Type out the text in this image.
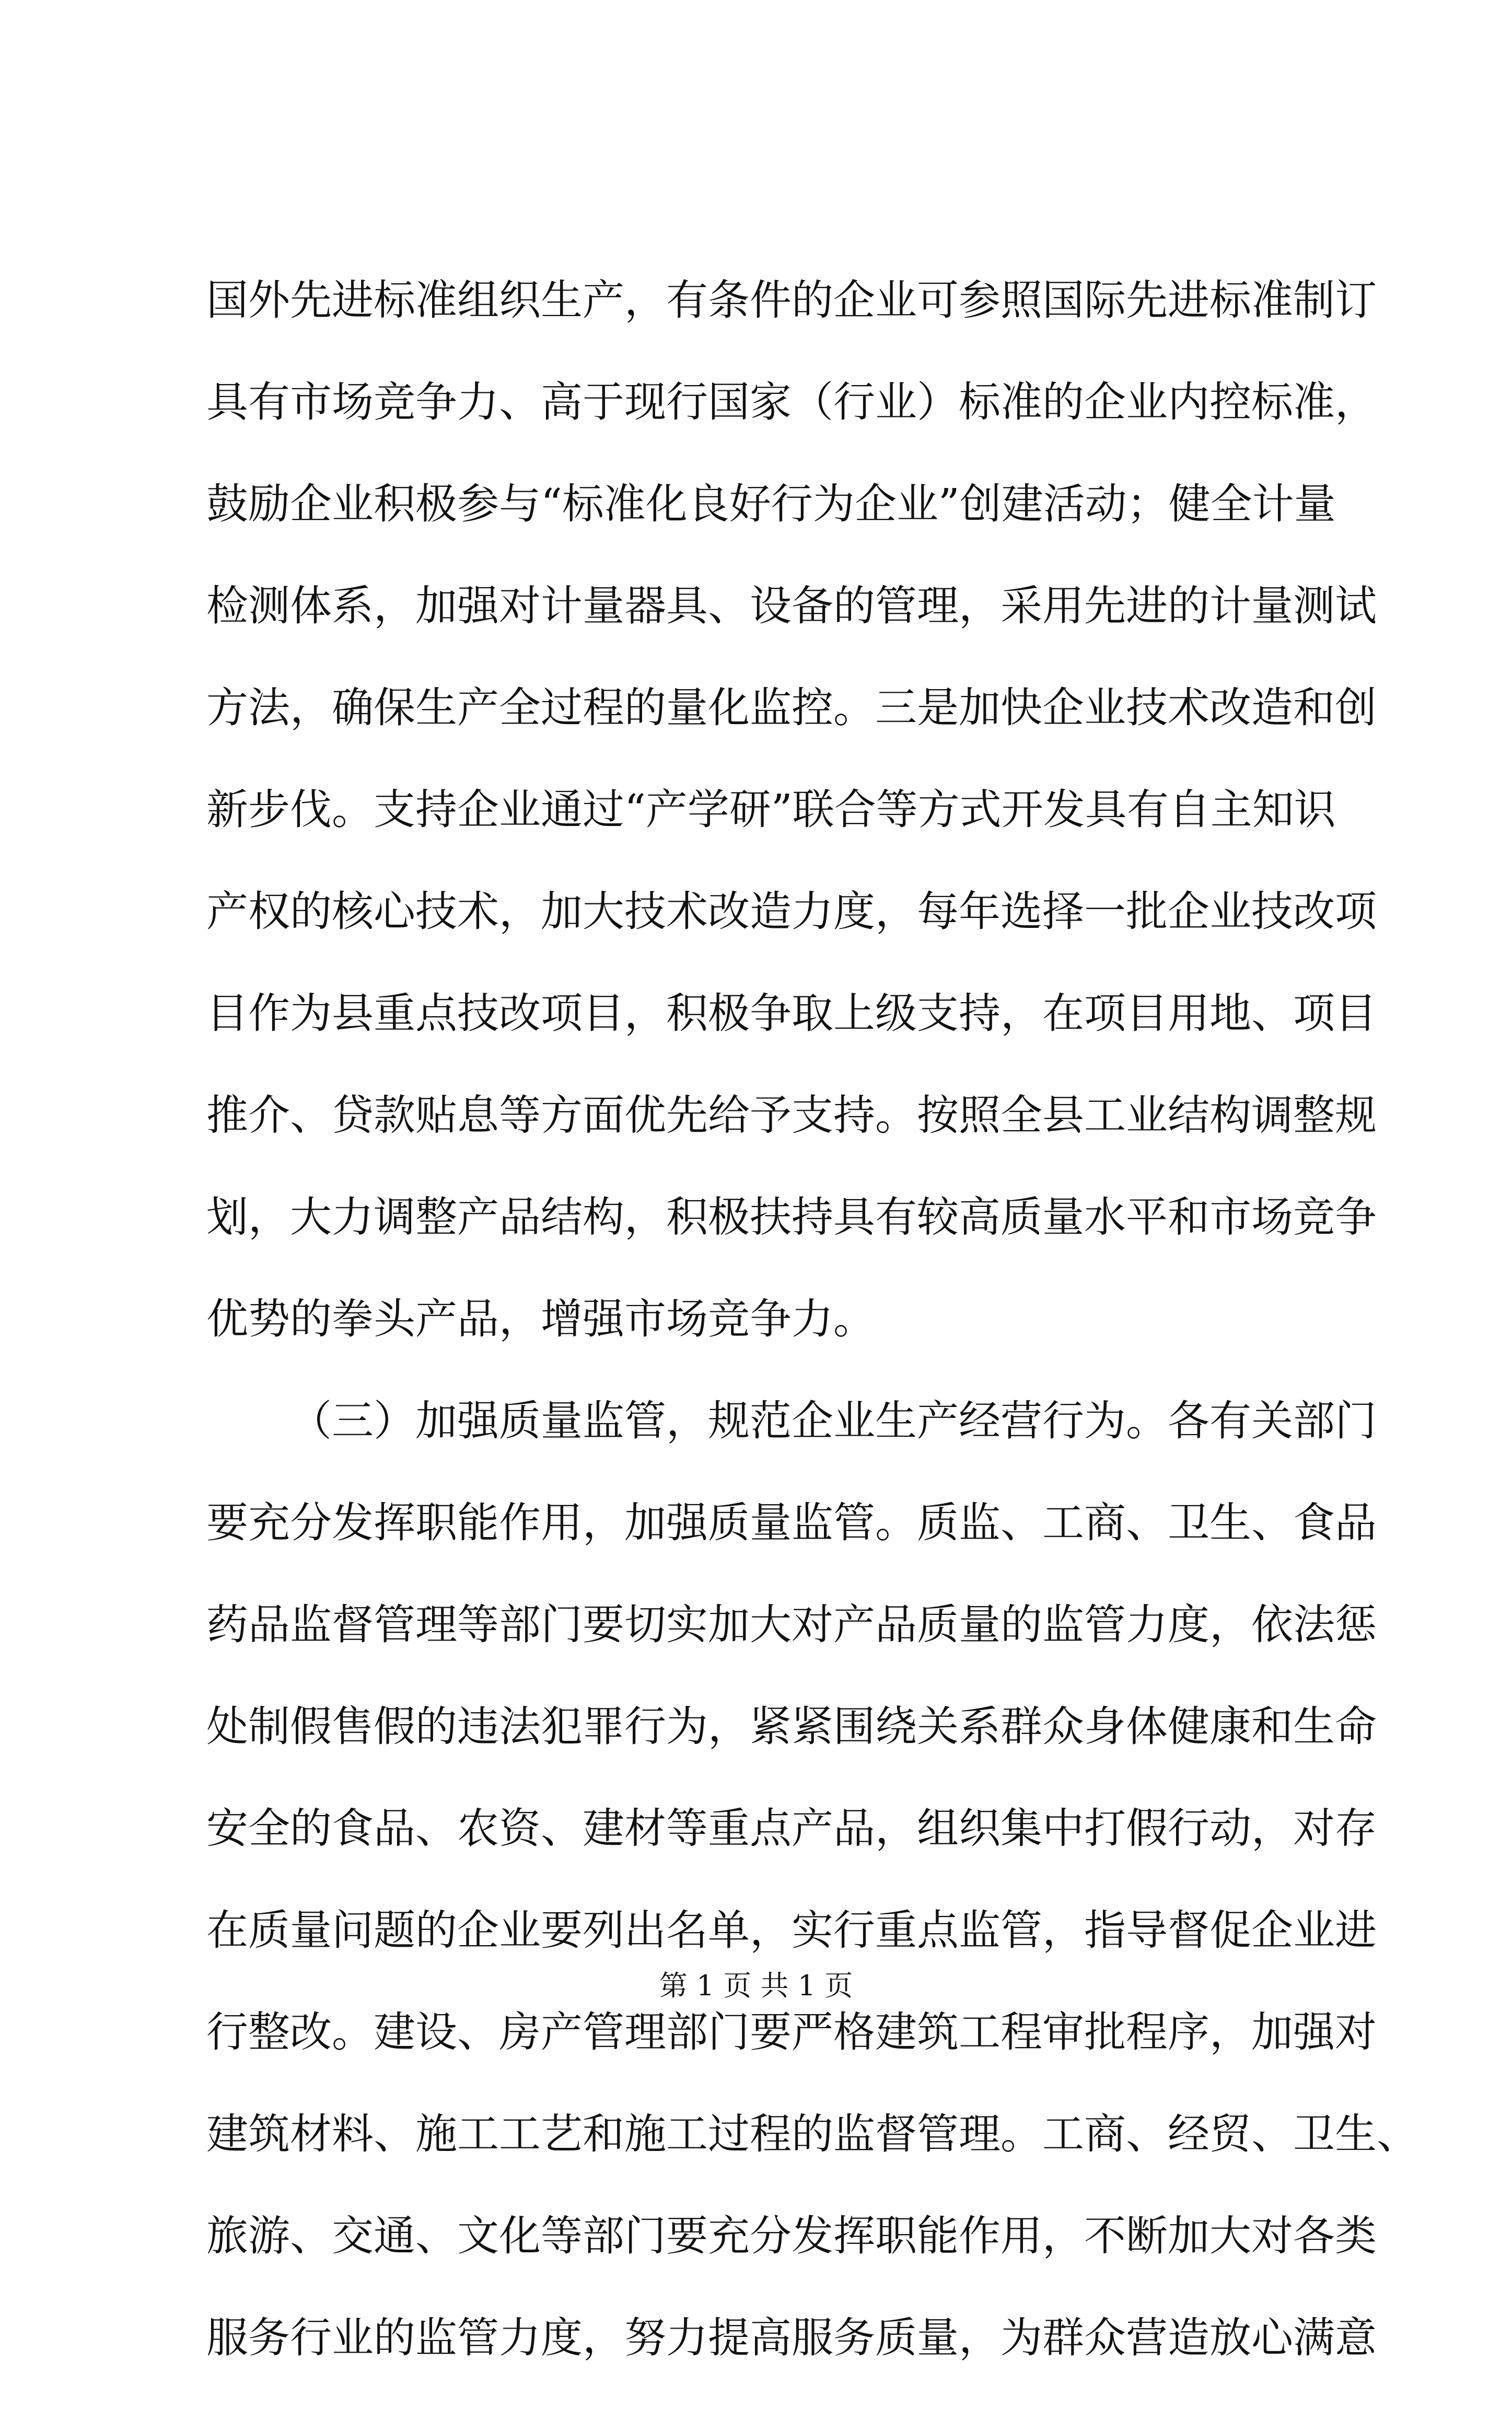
国外先进标准组织生产，有条件的企业可参照国际先进标准制订
具有市场竞争力、高于现行国家（行业）标准的企业内控标准，
鼓励企业积极参与“标准化良好行为企业”创建活动；健全计量
检测体系，加强对计量器具、设备的管理，采用先进的计量测试
方法，确保生产全过程的量化监控。三是加快企业技术改造和创
新步伐。支持企业通过“产学研”联合等方式开发具有自主知识
产权的核心技术，加大技术改造力度，每年选择一批企业技改项
目作为县重点技改项目，积极争取上级支持，在项目用地、项目
推介、贷款贴息等方面优先给予支持。按照全县工业结构调整规
划，大力调整产品结构，积极扶持具有较高质量水平和市场竞争
优势的拳头产品，增强市场竞争力。
（三）加强质量监管，规范企业生产经营行为。各有关部门
要充分发挥职能作用，加强质量监管。质监、工商、卫生、食品
药品监督管理等部门要切实加大对产品质量的监管力度，依法惩
处制假售假的违法犯罪行为，紧紧围绕关系群众身体健康和生命
安全的食品、农资、建材等重点产品，组织集中打假行动，对存
在质量问题的企业要列出名单，实行重点监管，指导督促企业进
行整改。建设、房产管理部门要严格建筑工程审批程序，加强对
建筑材料、施工工艺和施工过程的监督管理。工商、经贸、卫生、
旅游、交通、文化等部门要充分发挥职能作用，不断加大对各类
服务行业的监管力度，努力提高服务质量，为群众营造放心满意
第 1 页 共 1 页
